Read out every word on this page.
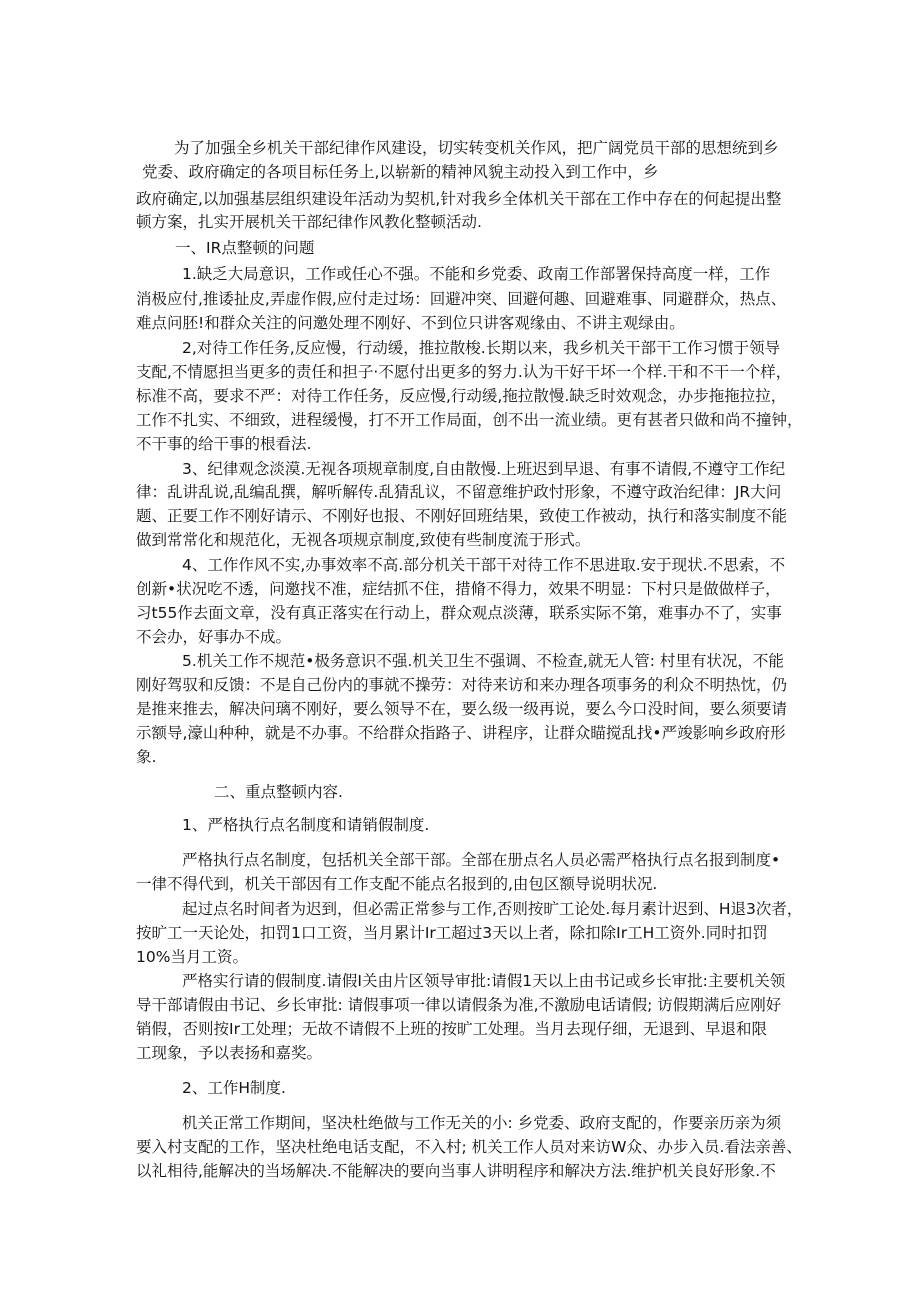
为了加强全乡机关干部纪律作风建设，切实转变机关作风，把广阔党员干部的思想统到乡

党委、政府确定的各项目标任务上,以崭新的精神风貌主动投入到工作中，乡

政府确定,以加强基层组织建设年活动为契机,针对我乡全体机关干部在工作中存在的何起提出整

顿方案，扎实开展机关干部纪律作风教化整顿活动.

一、IR点整顿的问题

1.缺乏大局意识，工作或任心不强。不能和乡党委、政南工作部署保持高度一样，工作

消极应付,推诿扯皮,弄虚作假,应付走过场：回避冲突、回避何趣、回避难事、同避群众，热点、

难点问胚!和群众关注的问邀处理不刚好、不到位只讲客观缘由、不讲主观绿由。

2,对待工作任务,反应慢，行动缓，推拉散梭.长期以来，我乡机关干部干工作习惯于领导

支配,不情愿担当更多的责任和担子·不愿付出更多的努力.认为干好干坏一个样.干和不干一个样，

标准不高，要求不严：对待工作任务，反应慢,行动缓,拖拉散慢.缺乏时效观念，办步拖拖拉拉，

工作不扎实、不细致，进程缓慢，打不开工作局面，创不出一流业绩。更有甚者只做和尚不撞钟，

不干事的给干事的根看法.

3、纪律观念淡漠.无视各项规章制度,自由散慢.上班迟到早退、有事不请假,不遵守工作纪

律：乱讲乱说,乱编乱撰，解听解传.乱猜乱议，不留意维护政忖形象，不遵守政治纪律：JR大问

题、正要工作不刚好请示、不刚好也报、不刚好回班结果，致使工作被动，执行和落实制度不能

做到常常化和规范化，无视各项规京制度,致使有些制度流于形式。

4、工作作风不实,办事效率不高.部分机关干部干对待工作不思进取.安于现状.不思索，不

创新•状况吃不透，问邀找不准，症结抓不住，措脩不得力，效果不明显：下村只是做做样子，

习t55作去面文章，没有真正落实在行动上，群众观点淡薄，联系实际不第，难事办不了，实事

不会办，好事办不成。

5.机关工作不规范•极务意识不强.机关卫生不强调、不检查,就无人管: 村里有状况，不能

刚好驾驭和反馈：不是自己份内的事就不操劳：对待来访和来办理各项事务的利众不明热忱，仍

是推来推去，解决问璃不刚好，要么领导不在，要么级一级再说，要么今口没时间，要么须要请

示额导,濠山种种，就是不办事。不给群众指路子、讲程序，让群众瞄搅乱找•严竣影响乡政府形

象.

二、重点整顿内容.

1、严格执行点名制度和请销假制度.

严格执行点名制度，包括机关全部干部。全部在册点名人员必需严格执行点名报到制度•

一律不得代到，机关干部因有工作支配不能点名报到的,由包区额导说明状况.

起过点名时间者为迟到，但必需正常参与工作,否则按旷工论处.每月素计迟到、H退3次者，

按旷工一天论处，扣罚1口工资，当月累计Ir工超过3天以上者，除扣除Ir工H工资外.同时扣罚

10%当月工资。

严格实行请的假制度.请假I关由片区领导审批:请假1天以上由书记或乡长审批:主要机关领

导干部请假由书记、乡长审批: 请假事项一律以请假条为准,不激励电话请假; 访假期满后应刚好

销假，否则按Ir工处理；无故不请假不上班的按旷工处理。当月去现仔细，无退到、早退和限

工现象，予以表扬和嘉奖。

2、工作H制度.

机关正常工作期间，坚决杜绝做与工作无关的小: 乡党委、政府支配的，作要亲历亲为须

要入村支配的工作，坚决杜绝电话支配，不入村; 机关工作人员对来访W众、办步入员.看法亲善、

以礼相待,能解决的当场解决.不能解决的要向当事人讲明程序和解决方法.维护机关良好形象.不
